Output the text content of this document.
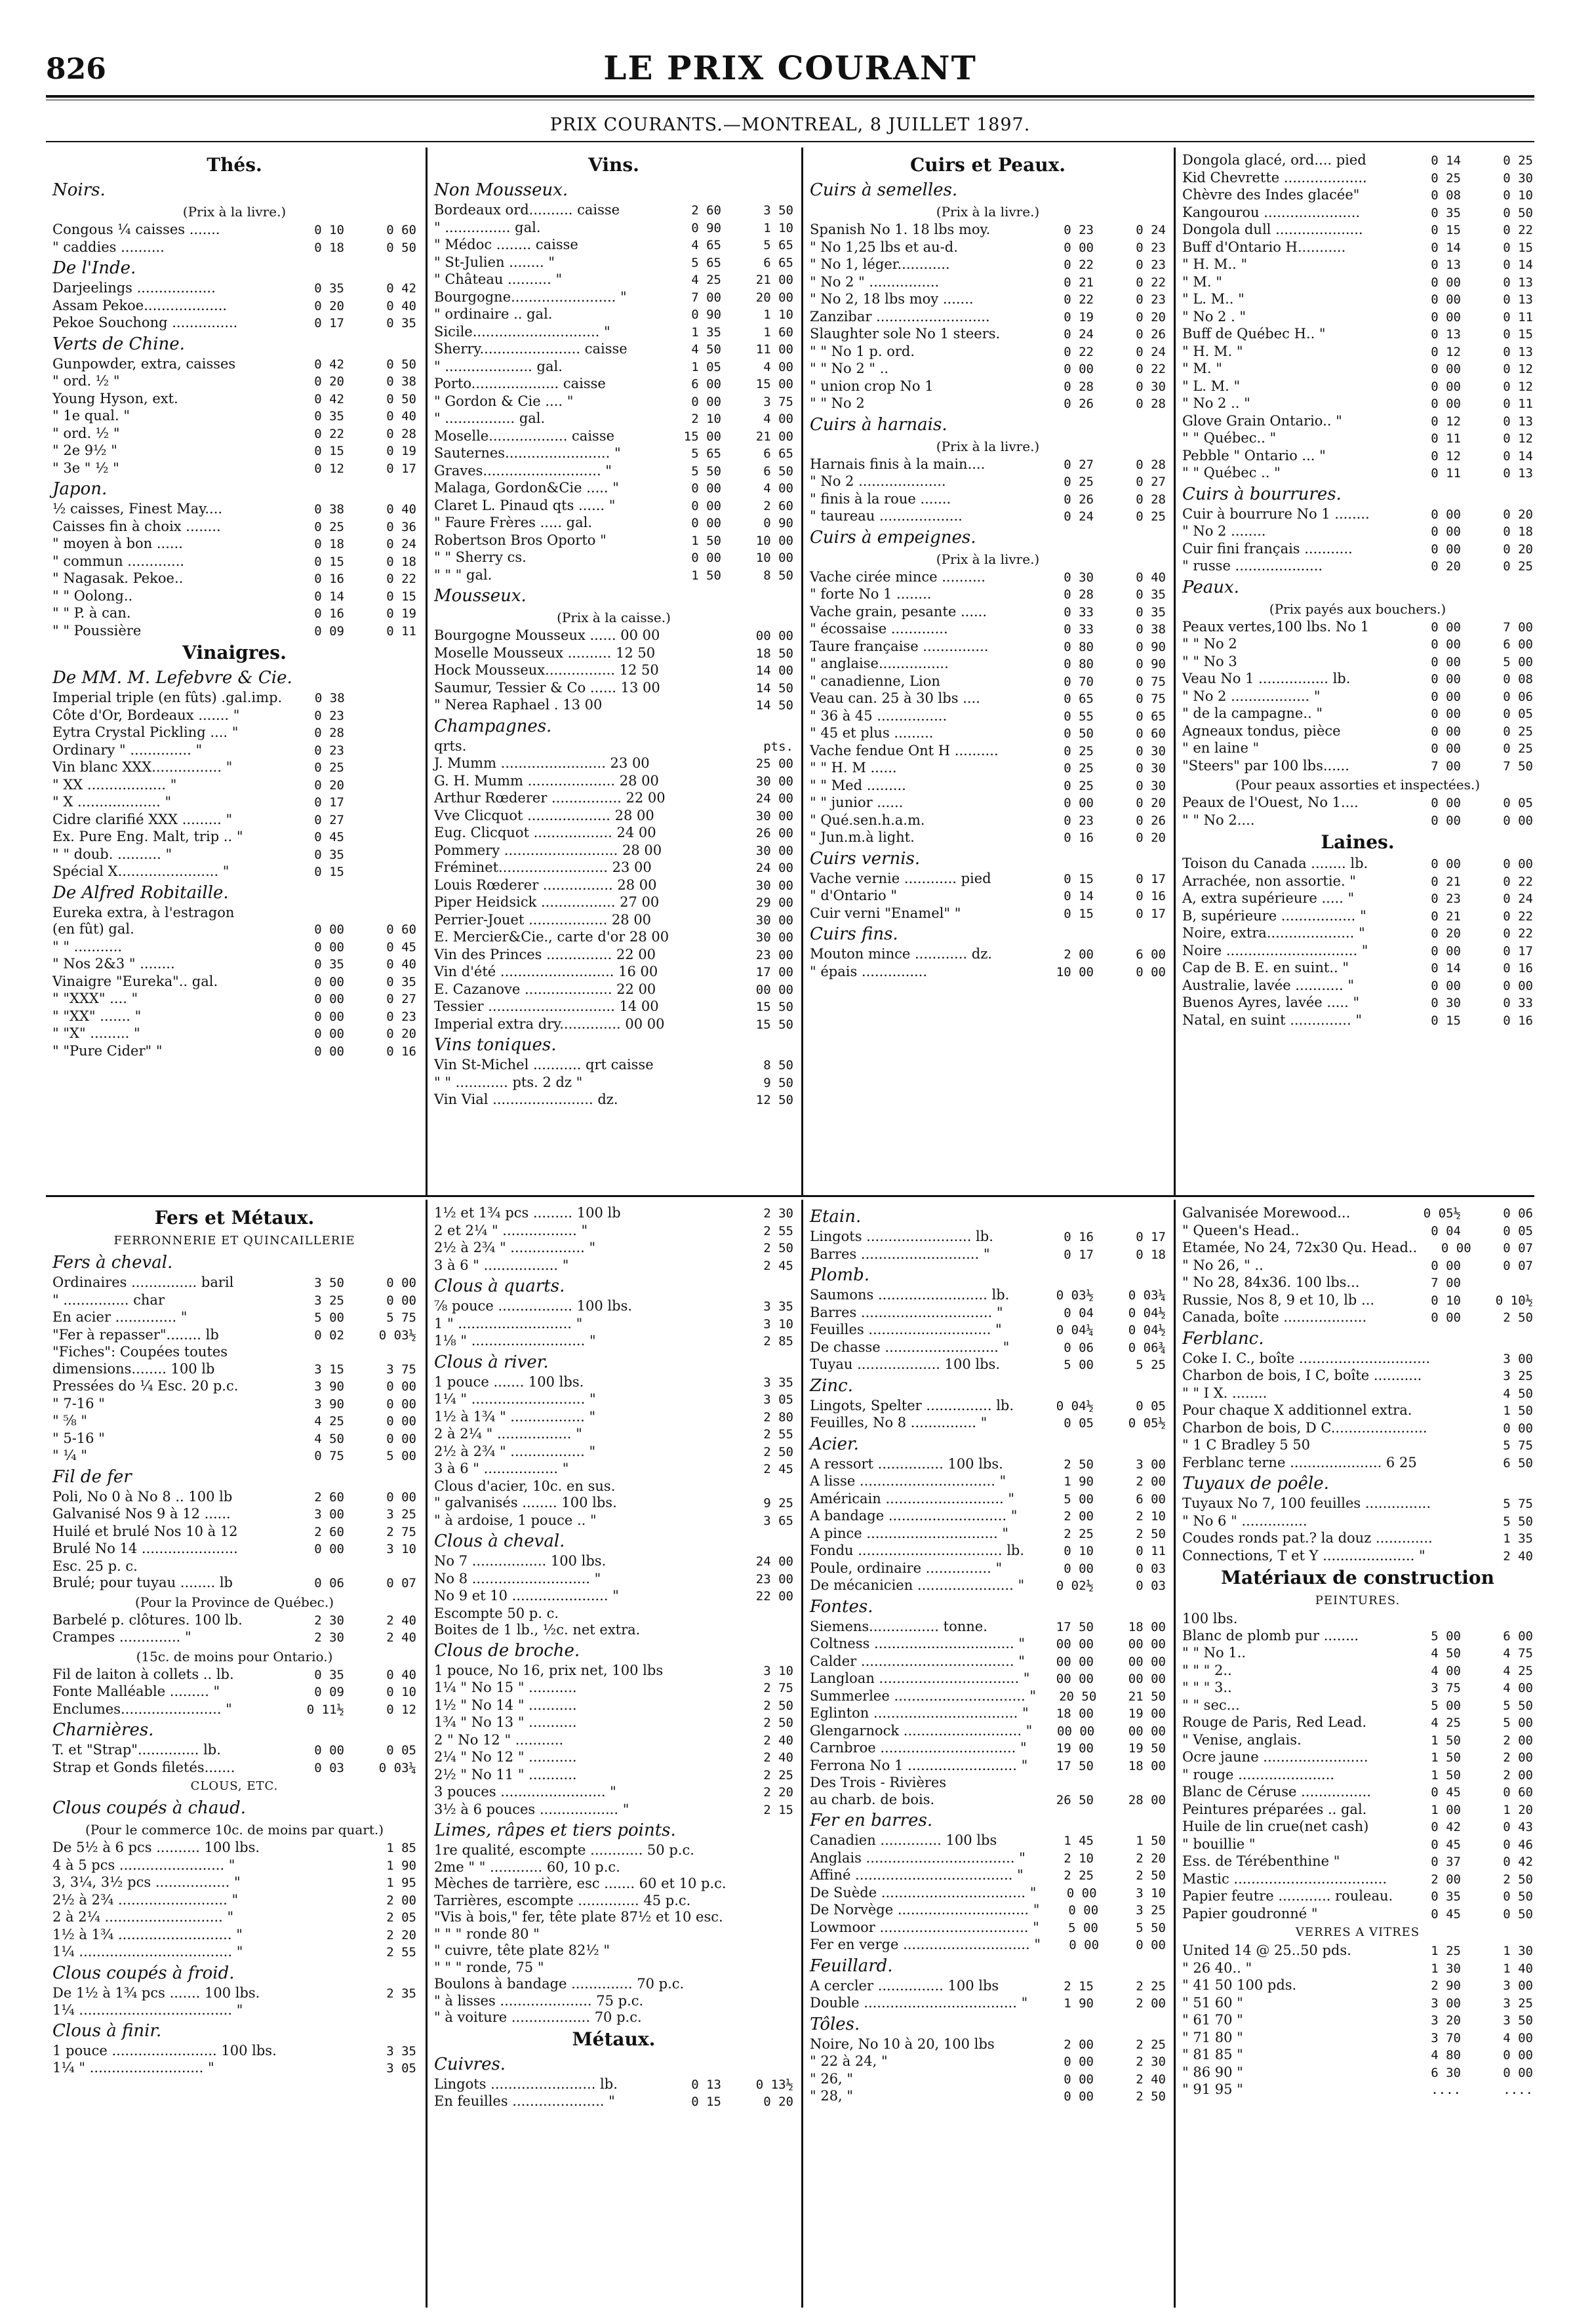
826	LE PRIX COURANT
PRIX COURANTS.—MONTREAL, 8 JUILLET 1897.
Thés.
Noirs.
(Prix à la livre.)
Congous ¼ caisses .......	0 10	0 60
" caddies ..........	0 18	0 50
De l'Inde.
Darjeelings ..................	0 35	0 42
Assam Pekoe...................	0 20	0 40
Pekoe Souchong ...............	0 17	0 35
Verts de Chine.
Gunpowder, extra, caisses	0 42	0 50
" ord. ½ "	0 20	0 38
Young Hyson, ext.	0 42	0 50
" 1e qual. "	0 35	0 40
" ord. ½ "	0 22	0 28
" 2e 9½ "	0 15	0 19
" 3e " ½ "	0 12	0 17
Japon.
½ caisses, Finest May....	0 38	0 40
Caisses fin à choix ........	0 25	0 36
" moyen à bon ......	0 18	0 24
" commun .............	0 15	0 18
" Nagasak. Pekoe..	0 16	0 22
" " Oolong..	0 14	0 15
" " P. à can.	0 16	0 19
" " Poussière	0 09	0 11
Vinaigres.
De MM. M. Lefebvre & Cie.
Imperial triple (en fûts) .gal.imp.	0 38
Côte d'Or, Bordeaux ....... "	0 23
Eytra Crystal Pickling .... "	0 28
Ordinary " .............. "	0 23
Vin blanc XXX................ "	0 25
" XX .................. "	0 20
" X ................... "	0 17
Cidre clarifié XXX ......... "	0 27
Ex. Pure Eng. Malt, trip .. "	0 45
" " doub. .......... "	0 35
Spécial X....................... "	0 15
De Alfred Robitaille.
Eureka extra, à l'estragon
(en fût) gal.	0 00	0 60
" " ...........	0 00	0 45
" Nos 2&3 " ........	0 35	0 40
Vinaigre "Eureka".. gal.	0 00	0 35
" "XXX" .... "	0 00	0 27
" "XX" ....... "	0 00	0 23
" "X" ......... "	0 00	0 20
" "Pure Cider" "	0 00	0 16
Vins.
Non Mousseux.
Bordeaux ord.......... caisse	2 60	3 50
" ............... gal.	0 90	1 10
" Médoc ........ caisse	4 65	5 65
" St-Julien ........ "	5 65	6 65
" Château .......... "	4 25	21 00
Bourgogne........................ "	7 00	20 00
" ordinaire .. gal.	0 90	1 10
Sicile............................. "	1 35	1 60
Sherry....................... caisse	4 50	11 00
" .................... gal.	1 05	4 00
Porto.................... caisse	6 00	15 00
" Gordon & Cie .... "	0 00	3 75
" ................ gal.	2 10	4 00
Moselle.................. caisse	15 00	21 00
Sauternes........................ "	5 65	6 65
Graves........................... "	5 50	6 50
Malaga, Gordon&Cie ..... "	0 00	4 00
Claret L. Pinaud qts ...... "	0 00	2 60
" Faure Frères ..... gal.	0 00	0 90
Robertson Bros Oporto "	1 50	10 00
" " Sherry cs.	0 00	10 00
" " " gal.	1 50	8 50
Mousseux.
(Prix à la caisse.)
Bourgogne Mousseux ...... 00 00	00 00
Moselle Mousseux .......... 12 50	18 50
Hock Mousseux................ 12 50	14 00
Saumur, Tessier & Co ...... 13 00	14 50
" Nerea Raphael . 13 00	14 50
Champagnes.
qrts.	pts.
J. Mumm ........................ 23 00	25 00
G. H. Mumm .................... 28 00	30 00
Arthur Rœderer ................ 22 00	24 00
Vve Clicquot ................... 28 00	30 00
Eug. Clicquot .................. 24 00	26 00
Pommery .......................... 28 00	30 00
Fréminet......................... 23 00	24 00
Louis Rœderer ................ 28 00	30 00
Piper Heidsick ................. 27 00	29 00
Perrier-Jouet .................. 28 00	30 00
E. Mercier&Cie., carte d'or 28 00	30 00
Vin des Princes ............... 22 00	23 00
Vin d'été .......................... 16 00	17 00
E. Cazanove .................... 22 00	00 00
Tessier ............................. 14 00	15 50
Imperial extra dry.............. 00 00	15 50
Vins toniques.
Vin St-Michel ........... qrt caisse	8 50
" " ............ pts. 2 dz "	9 50
Vin Vial ....................... dz.	12 50
Cuirs et Peaux.
Cuirs à semelles.
(Prix à la livre.)
Spanish No 1. 18 lbs moy.	0 23	0 24
" No 1,25 lbs et au-d.	0 00	0 23
" No 1, léger............	0 22	0 23
" No 2 " ................	0 21	0 22
" No 2, 18 lbs moy .......	0 22	0 23
Zanzibar ..........................	0 19	0 20
Slaughter sole No 1 steers.	0 24	0 26
" " No 1 p. ord.	0 22	0 24
" " No 2 " ..	0 00	0 22
" union crop No 1	0 28	0 30
" " No 2	0 26	0 28
Cuirs à harnais.
(Prix à la livre.)
Harnais finis à la main....	0 27	0 28
" No 2 ....................	0 25	0 27
" finis à la roue .......	0 26	0 28
" taureau ...................	0 24	0 25
Cuirs à empeignes.
(Prix à la livre.)
Vache cirée mince ..........	0 30	0 40
" forte No 1 ........	0 28	0 35
Vache grain, pesante ......	0 33	0 35
" écossaise .............	0 33	0 38
Taure française ...............	0 80	0 90
" anglaise................	0 80	0 90
" canadienne, Lion	0 70	0 75
Veau can. 25 à 30 lbs ....	0 65	0 75
" 36 à 45 ................	0 55	0 65
" 45 et plus .........	0 50	0 60
Vache fendue Ont H ..........	0 25	0 30
" " H. M ......	0 25	0 30
" " Med .........	0 25	0 30
" " junior ......	0 00	0 20
" Qué.sen.h.a.m.	0 23	0 26
" Jun.m.à light.	0 16	0 20
Cuirs vernis.
Vache vernie ............ pied	0 15	0 17
" d'Ontario "	0 14	0 16
Cuir verni "Enamel" "	0 15	0 17
Cuirs fins.
Mouton mince ............ dz.	2 00	6 00
" épais ...............	10 00	0 00
Dongola glacé, ord.... pied	0 14	0 25
Kid Chevrette ...................	0 25	0 30
Chèvre des Indes glacée"	0 08	0 10
Kangourou ......................	0 35	0 50
Dongola dull ....................	0 15	0 22
Buff d'Ontario H...........	0 14	0 15
" H. M.. "	0 13	0 14
" M. "	0 00	0 13
" L. M.. "	0 00	0 13
" No 2 . "	0 00	0 11
Buff de Québec H.. "	0 13	0 15
" H. M. "	0 12	0 13
" M. "	0 00	0 12
" L. M. "	0 00	0 12
" No 2 .. "	0 00	0 11
Glove Grain Ontario.. "	0 12	0 13
" " Québec.. "	0 11	0 12
Pebble " Ontario ... "	0 12	0 14
" " Québec .. "	0 11	0 13
Cuirs à bourrures.
Cuir à bourrure No 1 ........	0 00	0 20
" No 2 ........	0 00	0 18
Cuir fini français ...........	0 00	0 20
" russe ....................	0 20	0 25
Peaux.
(Prix payés aux bouchers.)
Peaux vertes,100 lbs. No 1	0 00	7 00
" " No 2	0 00	6 00
" " No 3	0 00	5 00
Veau No 1 ................ lb.	0 00	0 08
" No 2 .................. "	0 00	0 06
" de la campagne.. "	0 00	0 05
Agneaux tondus, pièce	0 00	0 25
" en laine "	0 00	0 25
"Steers" par 100 lbs......	7 00	7 50
(Pour peaux assorties et inspectées.)
Peaux de l'Ouest, No 1....	0 00	0 05
" " No 2....	0 00	0 00
Laines.
Toison du Canada ........ lb.	0 00	0 00
Arrachée, non assortie. "	0 21	0 22
A, extra supérieure ..... "	0 23	0 24
B, supérieure ................. "	0 21	0 22
Noire, extra.................... "	0 20	0 22
Noire .............................. "	0 00	0 17
Cap de B. E. en suint.. "	0 14	0 16
Australie, lavée ........... "	0 00	0 00
Buenos Ayres, lavée ..... "	0 30	0 33
Natal, en suint .............. "	0 15	0 16
Fers et Métaux.
FERRONNERIE ET QUINCAILLERIE
Fers à cheval.
Ordinaires ............... baril	3 50	0 00
" ............... char	3 25	0 00
En acier .............. "	5 00	5 75
"Fer à repasser"........ lb	0 02	0 03½
"Fiches": Coupées toutes
dimensions........ 100 lb	3 15	3 75
Pressées do ¼ Esc. 20 p.c.	3 90	0 00
" 7-16 "	3 90	0 00
" ⅝ "	4 25	0 00
" 5-16 "	4 50	0 00
" ¼ "	0 75	5 00
Fil de fer
Poli, No 0 à No 8 .. 100 lb	2 60	0 00
Galvanisé Nos 9 à 12 ......	3 00	3 25
Huilé et brulé Nos 10 à 12	2 60	2 75
Brulé No 14 ......................	0 00	3 10
Esc. 25 p. c.
Brulé; pour tuyau ........ lb	0 06	0 07
(Pour la Province de Québec.)
Barbelé p. clôtures. 100 lb.	2 30	2 40
Crampes .............. "	2 30	2 40
(15c. de moins pour Ontario.)
Fil de laiton à collets .. lb.	0 35	0 40
Fonte Malléable ......... "	0 09	0 10
Enclumes....................... "	0 11½	0 12
Charnières.
T. et "Strap".............. lb.	0 00	0 05
Strap et Gonds filetés.......	0 03	0 03¼
CLOUS, ETC.
Clous coupés à chaud.
(Pour le commerce 10c. de moins par quart.)
De 5½ à 6 pcs .......... 100 lbs.	1 85
4 à 5 pcs ........................ "	1 90
3, 3¼, 3½ pcs ................. "	1 95
2½ à 2¾ ......................... "	2 00
2 à 2¼ ........................... "	2 05
1½ à 1¾ .......................... "	2 20
1¼ ................................... "	2 55
Clous coupés à froid.
De 1½ à 1¾ pcs ....... 100 lbs.	2 35
1¼ ................................... "
Clous à finir.
1 pouce ........................ 100 lbs.	3 35
1¼ " .......................... "	3 05
1½ et 1¾ pcs ......... 100 lb	2 30
2 et 2¼ " ................. "	2 55
2½ à 2¾ " ................. "	2 50
3 à 6 " ................. "	2 45
Clous à quarts.
⅞ pouce ................. 100 lbs.	3 35
1 " .......................... "	3 10
1⅛ " .......................... "	2 85
Clous à river.
1 pouce ....... 100 lbs.	3 35
1¼ " .......................... "	3 05
1½ à 1¾ " ................. "	2 80
2 à 2¼ " ................. "	2 55
2½ à 2¾ " ................. "	2 50
3 à 6 " ................. "	2 45
Clous d'acier, 10c. en sus.
" galvanisés ........ 100 lbs.	9 25
" à ardoise, 1 pouce .. "	3 65
Clous à cheval.
No 7 ................. 100 lbs.	24 00
No 8 ........................... "	23 00
No 9 et 10 ...................... "	22 00
Escompte 50 p. c.
Boites de 1 lb., ½c. net extra.
Clous de broche.
1 pouce, No 16, prix net, 100 lbs	3 10
1¼ " No 15 " ...........	2 75
1½ " No 14 " ...........	2 50
1¾ " No 13 " ...........	2 50
2 " No 12 " ...........	2 40
2¼ " No 12 " ...........	2 40
2½ " No 11 " ...........	2 25
3 pouces ........................ "	2 20
3½ à 6 pouces .................. "	2 15
Limes, râpes et tiers points.
1re qualité, escompte ............ 50 p.c.
2me " " ............ 60, 10 p.c.
Mèches de tarrière, esc ....... 60 et 10 p.c.
Tarrières, escompte .............. 45 p.c.
"Vis à bois," fer, tête plate 87½ et 10 esc.
" " " ronde 80 "
" cuivre, tête plate 82½ "
" " " ronde, 75 "
Boulons à bandage .............. 70 p.c.
" à lisses ..................... 75 p.c.
" à voiture .................. 70 p.c.
Métaux.
Cuivres.
Lingots ........................ lb.	0 13	0 13½
En feuilles ..................... "	0 15	0 20
Etain.
Lingots ........................ lb.	0 16	0 17
Barres ........................... "	0 17	0 18
Plomb.
Saumons ......................... lb.	0 03½	0 03¼
Barres .............................. "	0 04	0 04½
Feuilles ............................ "	0 04¼	0 04½
De chasse .......................... "	0 06	0 06¾
Tuyau ................... 100 lbs.	5 00	5 25
Zinc.
Lingots, Spelter ............... lb.	0 04½	0 05
Feuilles, No 8 ............... "	0 05	0 05½
Acier.
A ressort ............... 100 lbs.	2 50	3 00
A lisse ............................... "	1 90	2 00
Américain ........................... "	5 00	6 00
A bandage ........................... "	2 00	2 10
A pince .............................. "	2 25	2 50
Fondu ................................. lb.	0 10	0 11
Poule, ordinaire ............... "	0 00	0 03
De mécanicien ...................... "	0 02½	0 03
Fontes.
Siemens................ tonne.	17 50	18 00
Coltness ................................ "	00 00	00 00
Calder ................................... "	00 00	00 00
Langloan ................................ "	00 00	00 00
Summerlee .............................. "	20 50	21 50
Eglinton ................................. "	18 00	19 00
Glengarnock ........................... "	00 00	00 00
Carnbroe ............................... "	19 00	19 50
Ferrona No 1 ......................... "	17 50	18 00
Des Trois - Rivières
au charb. de bois.	26 50	28 00
Fer en barres.
Canadien .............. 100 lbs	1 45	1 50
Anglais .................................. "	2 10	2 20
Affiné .................................... "	2 25	2 50
De Suède ................................. "	0 00	3 10
De Norvège .............................. "	0 00	3 25
Lowmoor .................................. "	5 00	5 50
Fer en verge ............................. "	0 00	0 00
Feuillard.
A cercler ............... 100 lbs	2 15	2 25
Double ................................... "	1 90	2 00
Tôles.
Noire, No 10 à 20, 100 lbs	2 00	2 25
" 22 à 24, "	0 00	2 30
" 26, "	0 00	2 40
" 28, "	0 00	2 50
Galvanisée Morewood...	0 05½	0 06
" Queen's Head..	0 04	0 05
Etamée, No 24, 72x30 Qu. Head..	0 00	0 07
" No 26, " ..	0 00	0 07
" No 28, 84x36. 100 lbs...	7 00
Russie, Nos 8, 9 et 10, lb ...	0 10	0 10½
Canada, boîte ...................	0 00	2 50
Ferblanc.
Coke I. C., boîte ..............................	3 00
Charbon de bois, I C, boîte ...........	3 25
" " I X. ........	4 50
Pour chaque X additionnel extra.	1 50
Charbon de bois, D C......................	0 00
" 1 C Bradley 5 50	5 75
Ferblanc terne ..................... 6 25	6 50
Tuyaux de poêle.
Tuyaux No 7, 100 feuilles ...............	5 75
" No 6 " ...............	5 50
Coudes ronds pat.? la douz .............	1 35
Connections, T et Y ..................... "	2 40
Matériaux de construction
PEINTURES.
100 lbs.
Blanc de plomb pur ........	5 00	6 00
" " No 1..	4 50	4 75
" " " 2..	4 00	4 25
" " " 3..	3 75	4 00
" " sec...	5 00	5 50
Rouge de Paris, Red Lead.	4 25	5 00
" Venise, anglais.	1 50	2 00
Ocre jaune ........................	1 50	2 00
" rouge ......................	1 50	2 00
Blanc de Céruse ................	0 45	0 60
Peintures préparées .. gal.	1 00	1 20
Huile de lin crue(net cash)	0 42	0 43
" bouillie "	0 45	0 46
Ess. de Térébenthine "	0 37	0 42
Mastic ...................................	2 00	2 50
Papier feutre ............ rouleau.	0 35	0 50
Papier goudronné "	0 45	0 50
VERRES A VITRES
United 14 @ 25..50 pds.	1 25	1 30
" 26 40.. "	1 30	1 40
" 41 50 100 pds.	2 90	3 00
" 51 60 "	3 00	3 25
" 61 70 "	3 20	3 50
" 71 80 "	3 70	4 00
" 81 85 "	4 80	0 00
" 86 90 "	6 30	0 00
" 91 95 "	....	....
